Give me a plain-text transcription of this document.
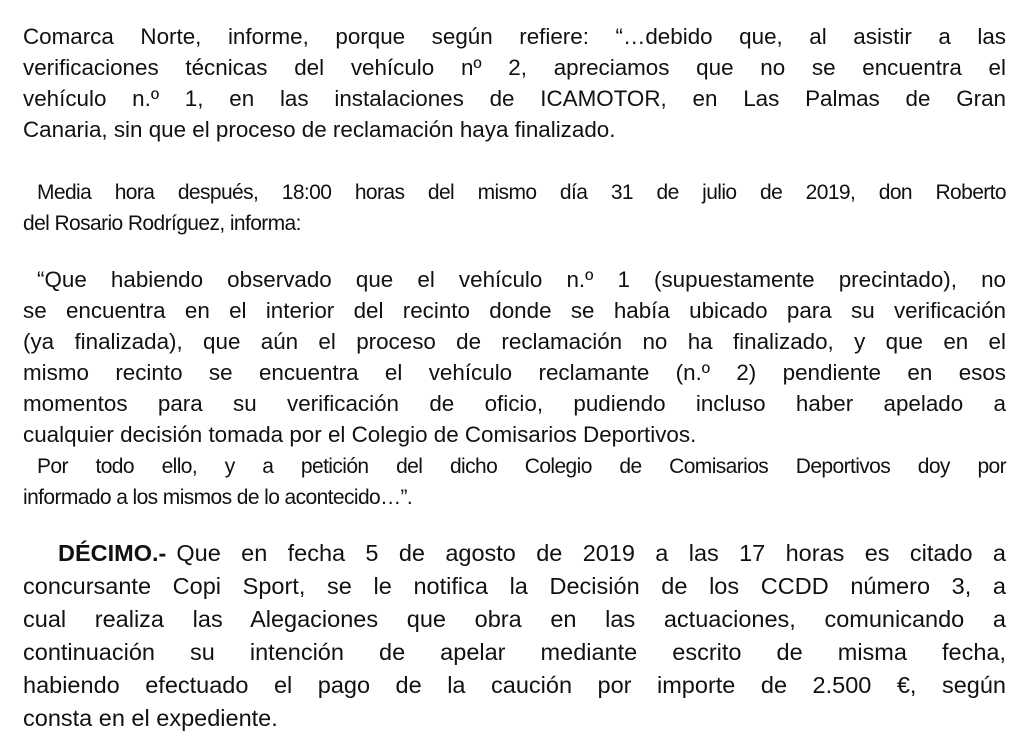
Comarca Norte, informe, porque según refiere: “…debido que, al asistir a las
verificaciones técnicas del vehículo nº 2, apreciamos que no se encuentra el
vehículo n.º 1, en las instalaciones de ICAMOTOR, en Las Palmas de Gran
Canaria, sin que el proceso de reclamación haya finalizado.
Media hora después, 18:00 horas del mismo día 31 de julio de 2019, don Roberto
del Rosario Rodríguez, informa:
“Que habiendo observado que el vehículo n.º 1 (supuestamente precintado), no
se encuentra en el interior del recinto donde se había ubicado para su verificación
(ya finalizada), que aún el proceso de reclamación no ha finalizado, y que en el
mismo recinto se encuentra el vehículo reclamante (n.º 2) pendiente en esos
momentos para su verificación de oficio, pudiendo incluso haber apelado a
cualquier decisión tomada por el Colegio de Comisarios Deportivos.
Por todo ello, y a petición del dicho Colegio de Comisarios Deportivos doy por
informado a los mismos de lo acontecido…”.
DÉCIMO.- Que en fecha 5 de agosto de 2019 a las 17 horas es citado a
concursante Copi Sport, se le notifica la Decisión de los CCDD número 3, a
cual realiza las Alegaciones que obra en las actuaciones, comunicando a
continuación su intención de apelar mediante escrito de misma fecha,
habiendo efectuado el pago de la caución por importe de 2.500 €, según
consta en el expediente.
